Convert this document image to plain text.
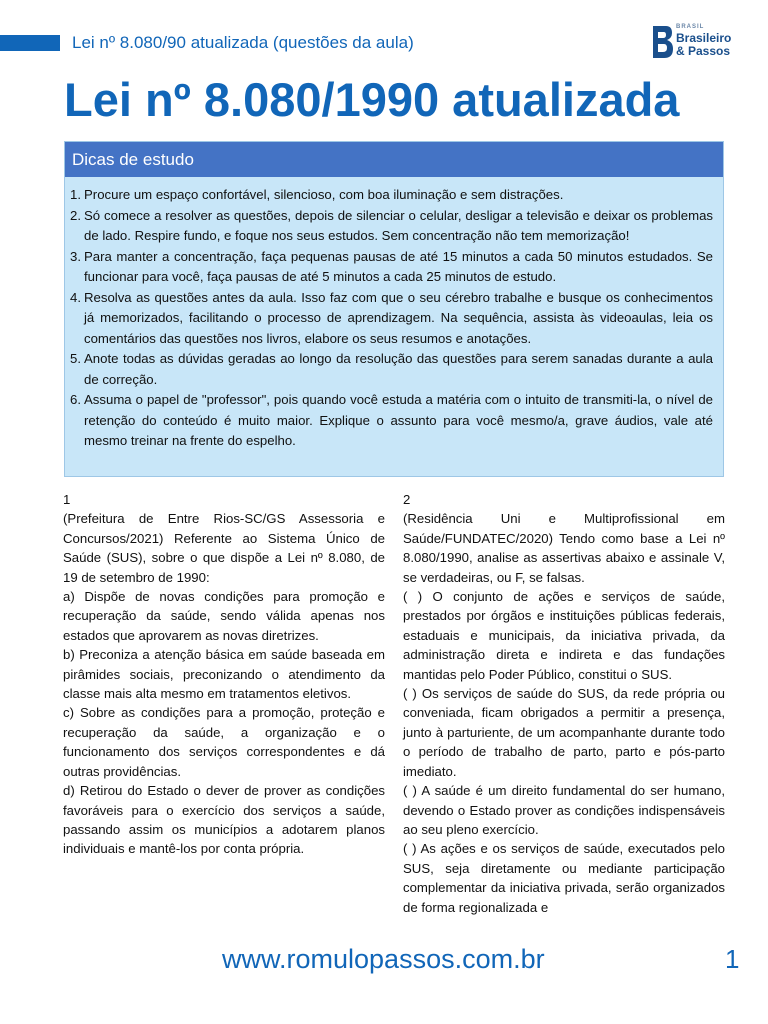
Lei nº 8.080/90 atualizada (questões da aula)
BRASIL
Brasileiro
& Passos
Lei nº 8.080/1990 atualizada
Dicas de estudo
1. Procure um espaço confortável, silencioso, com boa iluminação e sem distrações.
2. Só comece a resolver as questões, depois de silenciar o celular, desligar a televisão e deixar os problemas de lado. Respire fundo, e foque nos seus estudos. Sem concentração não tem memorização!
3. Para manter a concentração, faça pequenas pausas de até 15 minutos a cada 50 minutos estudados. Se funcionar para você, faça pausas de até 5 minutos a cada 25 minutos de estudo.
4. Resolva as questões antes da aula. Isso faz com que o seu cérebro trabalhe e busque os conhecimentos já memorizados, facilitando o processo de aprendizagem. Na sequência, assista às videoaulas, leia os comentários das questões nos livros, elabore os seus resumos e anotações.
5. Anote todas as dúvidas geradas ao longo da resolução das questões para serem sanadas durante a aula de correção.
6. Assuma o papel de "professor", pois quando você estuda a matéria com o intuito de transmiti-la, o nível de retenção do conteúdo é muito maior. Explique o assunto para você mesmo/a, grave áudios, vale até mesmo treinar na frente do espelho.

1

(Prefeitura de Entre Rios-SC/GS Assessoria e Concursos/2021) Referente ao Sistema Único de Saúde (SUS), sobre o que dispõe a Lei nº 8.080, de 19 de setembro de 1990:

a) Dispõe de novas condições para promoção e recuperação da saúde, sendo válida apenas nos estados que aprovarem as novas diretrizes.

b) Preconiza a atenção básica em saúde baseada em pirâmides sociais, preconizando o atendimento da classe mais alta mesmo em tratamentos eletivos.

c) Sobre as condições para a promoção, proteção e recuperação da saúde, a organização e o funcionamento dos serviços correspondentes e dá outras providências.

d) Retirou do Estado o dever de prover as condições favoráveis para o exercício dos serviços a saúde, passando assim os municípios a adotarem planos individuais e mantê-los por conta própria.

2

(Residência Uni e Multiprofissional em Saúde/FUNDATEC/2020) Tendo como base a Lei nº 8.080/1990, analise as assertivas abaixo e assinale V, se verdadeiras, ou F, se falsas.

( ) O conjunto de ações e serviços de saúde, prestados por órgãos e instituições públicas federais, estaduais e municipais, da iniciativa privada, da administração direta e indireta e das fundações mantidas pelo Poder Público, constitui o SUS.

( ) Os serviços de saúde do SUS, da rede própria ou conveniada, ficam obrigados a permitir a presença, junto à parturiente, de um acompanhante durante todo o período de trabalho de parto, parto e pós-parto imediato.

( ) A saúde é um direito fundamental do ser humano, devendo o Estado prover as condições indispensáveis ao seu pleno exercício.

( ) As ações e os serviços de saúde, executados pelo SUS, seja diretamente ou mediante participação complementar da iniciativa privada, serão organizados de forma regionalizada e

www.romulopassos.com.br	1
